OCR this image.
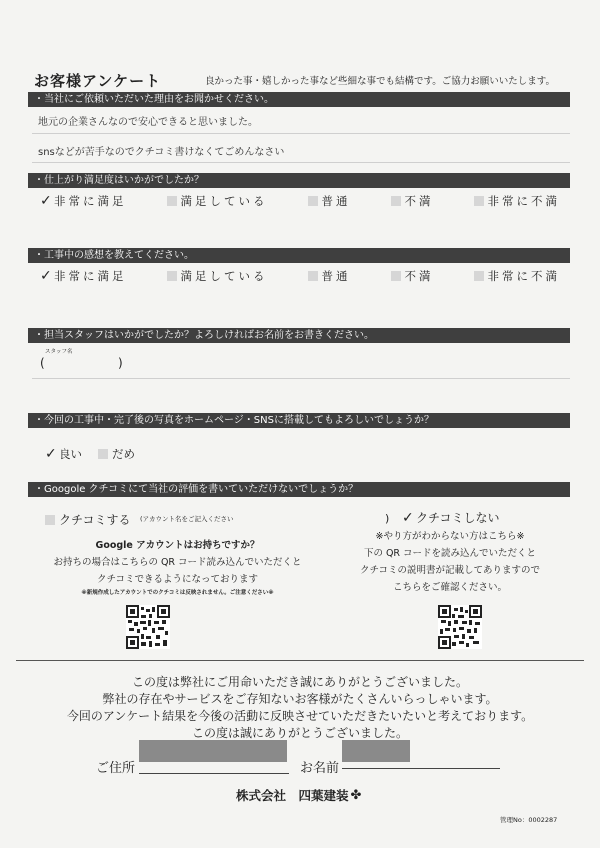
お客様アンケート	良かった事・嬉しかった事など些細な事でも結構です。ご協力お願いいたします。
・当社にご依頼いただいた理由をお聞かせください。
地元の企業さんなので安心できると思いました。
snsなどが苦手なのでクチコミ書けなくてごめんなさい
・仕上がり満足度はいかがでしたか？
✓ 非常に満足	満足している	普通	不満	非常に不満
・工事中の感想を教えてください。
✓ 非常に満足	満足している	普通	不満	非常に不満
・担当スタッフはいかがでしたか？よろしければお名前をお書きください。
スタッフ名
(	)
・今回の工事中・完了後の写真をホームページ・SNSに搭載してもよろしいでしょうか？
✓ 良い	だめ
・Googole クチコミにて当社の評価を書いていただけないでしょうか？
クチコミする (アカウント名をご記入ください	) ✓ クチコミしない
Google アカウントはお持ちですか？
お持ちの場合はこちらの QR コード読み込んでいただくと
クチコミできるようになっております
※新規作成したアカウントでのクチコミは反映されません。ご注意ください※
※やり方がわからない方はこちら※
下の QR コードを読み込んでいただくと
クチコミの説明書が記載してありますので
こちらをご確認ください。
この度は弊社にご用命いただき誠にありがとうございました。
弊社の存在やサービスをご存知ないお客様がたくさんいらっしゃいます。
今回のアンケート結果を今後の活動に反映させていただきたいたいと考えております。
この度は誠にありがとうございました。
ご住所	お名前
株式会社　四葉建装 ✤
管理No：0002287
